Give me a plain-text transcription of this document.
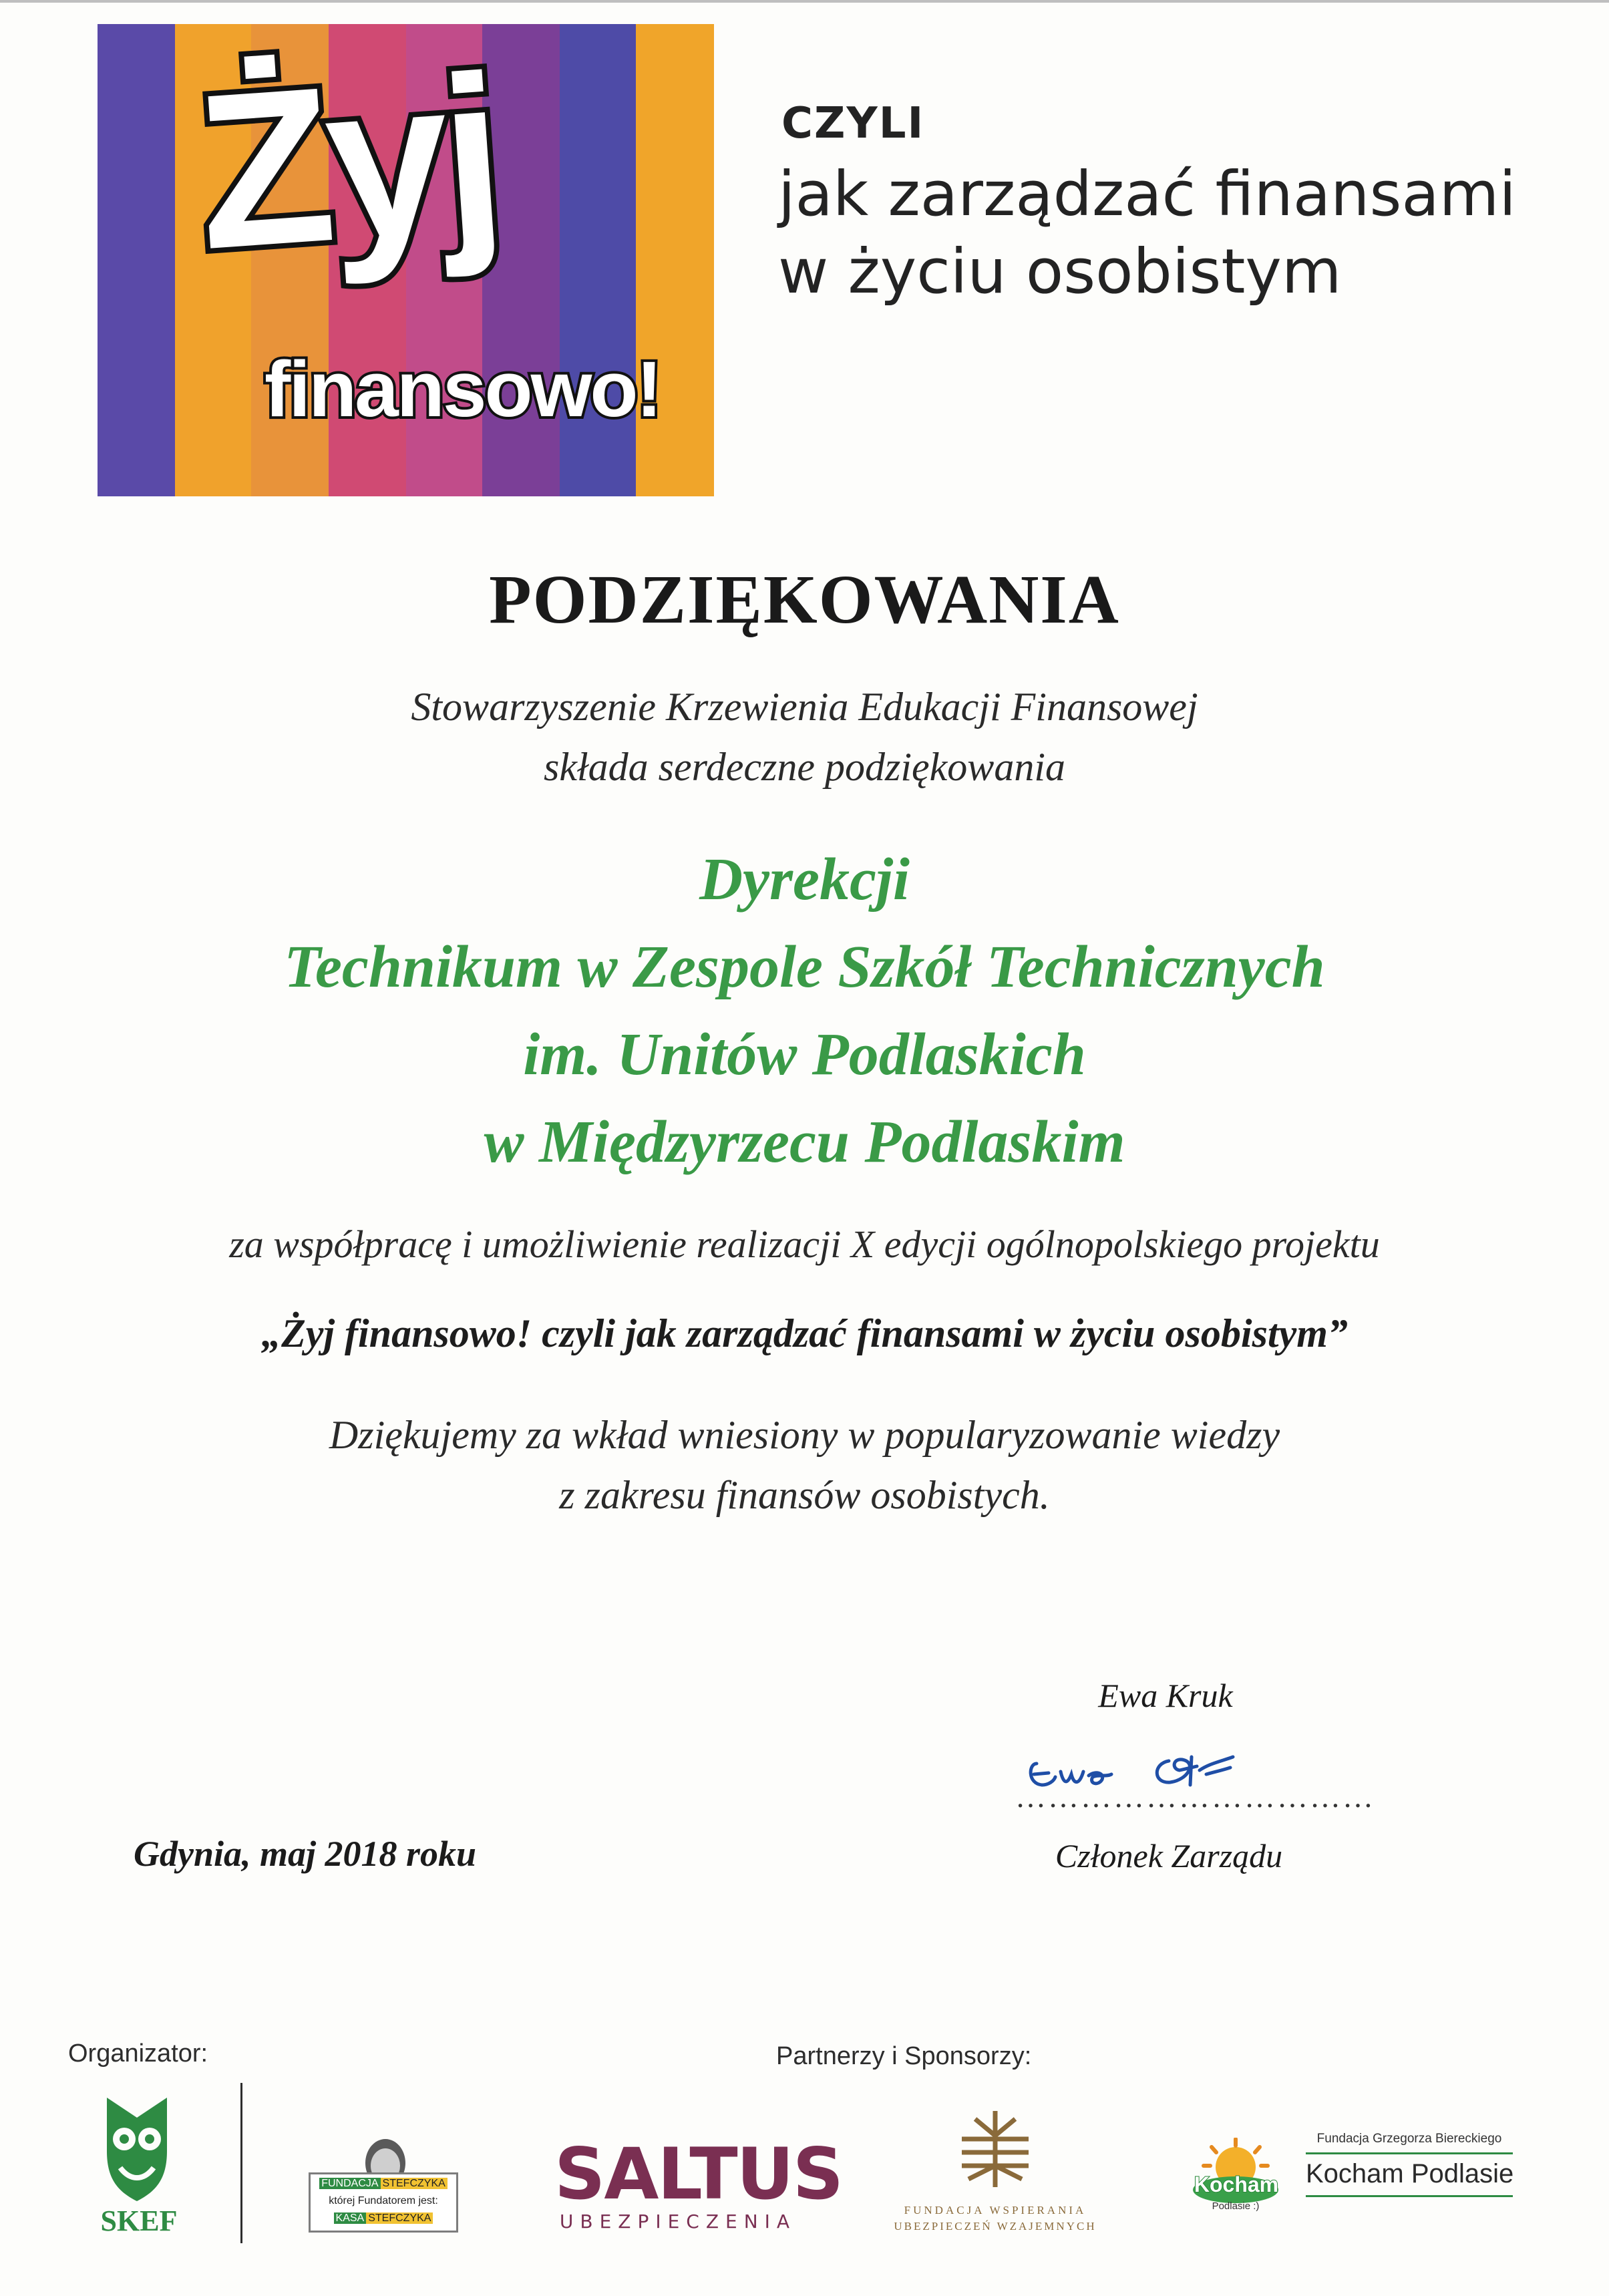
Żyj
finansowo!
CZYLI
jak zarządzać finansami
w życiu osobistym
PODZIĘKOWANIA
Stowarzyszenie Krzewienia Edukacji Finansowej
składa serdeczne podziękowania
Dyrekcji
Technikum w Zespole Szkół Technicznych
im. Unitów Podlaskich
w Międzyrzecu Podlaskim
za współpracę i umożliwienie realizacji X edycji ogólnopolskiego projektu
„Żyj finansowo! czyli jak zarządzać finansami w życiu osobistym”
Dziękujemy za wkład wniesiony w popularyzowanie wiedzy
z zakresu finansów osobistych.
Ewa Kruk
……………………………
Członek Zarządu
Gdynia, maj 2018 roku
Organizator:	Partnerzy i Sponsorzy:
SKEF
FUNDACJA STEFCZYKA
której Fundatorem jest:
KASA STEFCZYKA
SALTUS
UBEZPIECZENIA
FUNDACJA WSPIERANIA
UBEZPIECZEŃ WZAJEMNYCH
Kocham
Podlasie :)
Fundacja Grzegorza Biereckiego
Kocham Podlasie
